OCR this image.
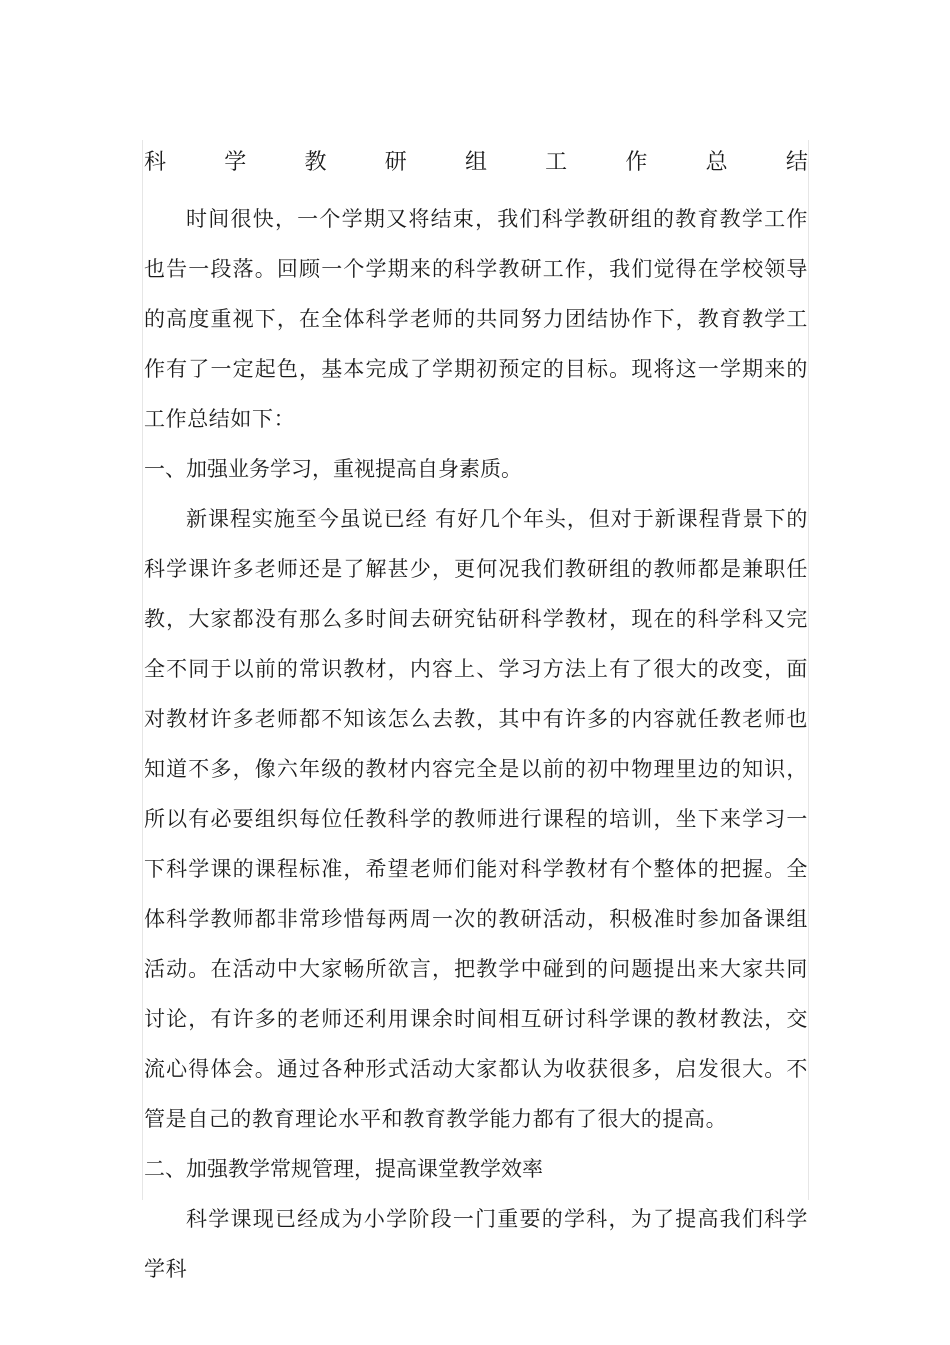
科	学	教	研	组	工	作	总	结

时间很快，一个学期又将结束，我们科学教研组的教育教学工作也告一段落。回顾一个学期来的科学教研工作，我们觉得在学校领导的高度重视下，在全体科学老师的共同努力团结协作下，教育教学工作有了一定起色，基本完成了学期初预定的目标。现将这一学期来的工作总结如下：

一、加强业务学习，重视提高自身素质。

新课程实施至今虽说已经 有好几个年头，但对于新课程背景下的科学课许多老师还是了解甚少，更何况我们教研组的教师都是兼职任教，大家都没有那么多时间去研究钻研科学教材，现在的科学科又完全不同于以前的常识教材，内容上、学习方法上有了很大的改变，面对教材许多老师都不知该怎么去教，其中有许多的内容就任教老师也知道不多，像六年级的教材内容完全是以前的初中物理里边的知识，所以有必要组织每位任教科学的教师进行课程的培训，坐下来学习一下科学课的课程标准，希望老师们能对科学教材有个整体的把握。全体科学教师都非常珍惜每两周一次的教研活动，积极准时参加备课组活动。在活动中大家畅所欲言，把教学中碰到的问题提出来大家共同讨论，有许多的老师还利用课余时间相互研讨科学课的教材教法，交流心得体会。通过各种形式活动大家都认为收获很多，启发很大。不管是自己的教育理论水平和教育教学能力都有了很大的提高。

二、加强教学常规管理，提高课堂教学效率

科学课现已经成为小学阶段一门重要的学科，为了提高我们科学学科
